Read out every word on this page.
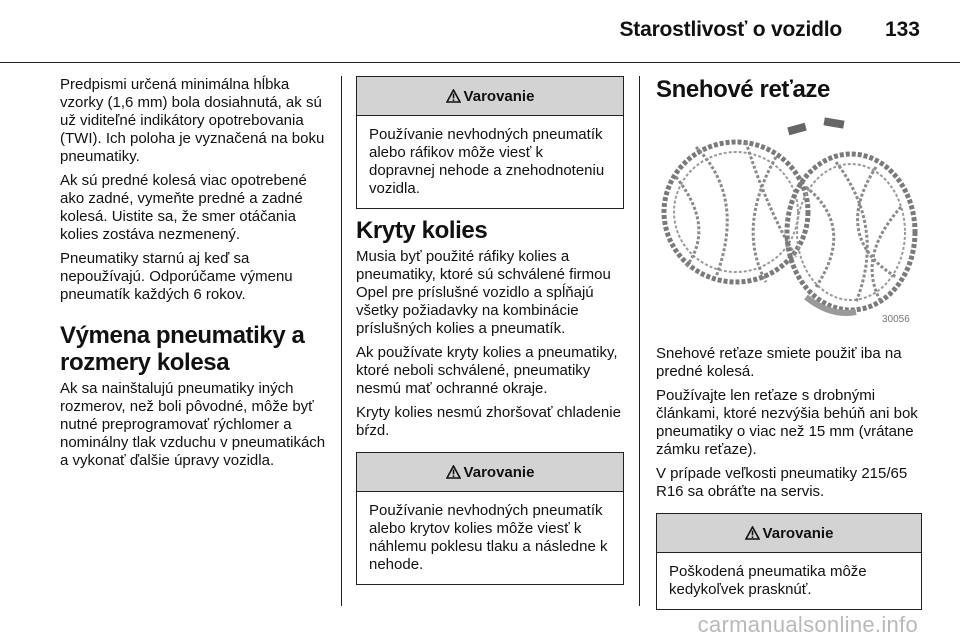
Starostlivosť o vozidlo 133

Predpismi určená minimálna hĺbka vzorky (1,6 mm) bola dosiahnutá, ak sú už viditeľné indikátory opotrebovania (TWI). Ich poloha je vyznačená na boku pneumatiky.

Ak sú predné kolesá viac opotrebené ako zadné, vymeňte predné a zadné kolesá. Uistite sa, že smer otáčania kolies zostáva nezmenený.

Pneumatiky starnú aj keď sa nepoužívajú. Odporúčame výmenu pneumatík každých 6 rokov.

Výmena pneumatiky a rozmery kolesa

Ak sa nainštalujú pneumatiky iných rozmerov, než boli pôvodné, môže byť nutné preprogramovať rýchlomer a nominálny tlak vzduchu v pneumatikách a vykonať ďalšie úpravy vozidla.

Varovanie

Používanie nevhodných pneumatík alebo ráfikov môže viesť k dopravnej nehode a znehodnoteniu vozidla.

Kryty kolies

Musia byť použité ráfiky kolies a pneumatiky, ktoré sú schválené firmou Opel pre príslušné vozidlo a spĺňajú všetky požiadavky na kombinácie príslušných kolies a pneumatík.

Ak používate kryty kolies a pneumatiky, ktoré neboli schválené, pneumatiky nesmú mať ochranné okraje.

Kryty kolies nesmú zhoršovať chladenie bŕzd.

Varovanie

Používanie nevhodných pneumatík alebo krytov kolies môže viesť k náhlemu poklesu tlaku a následne k nehode.

Snehové reťaze
30056

Snehové reťaze smiete použiť iba na predné kolesá.

Používajte len reťaze s drobnými článkami, ktoré nezvýšia behúň ani bok pneumatiky o viac než 15 mm (vrátane zámku reťaze).

V prípade veľkosti pneumatiky 215/65 R16 sa obráťte na servis.

Varovanie

Poškodená pneumatika môže kedykoľvek prasknúť.

carmanualsonline.info
